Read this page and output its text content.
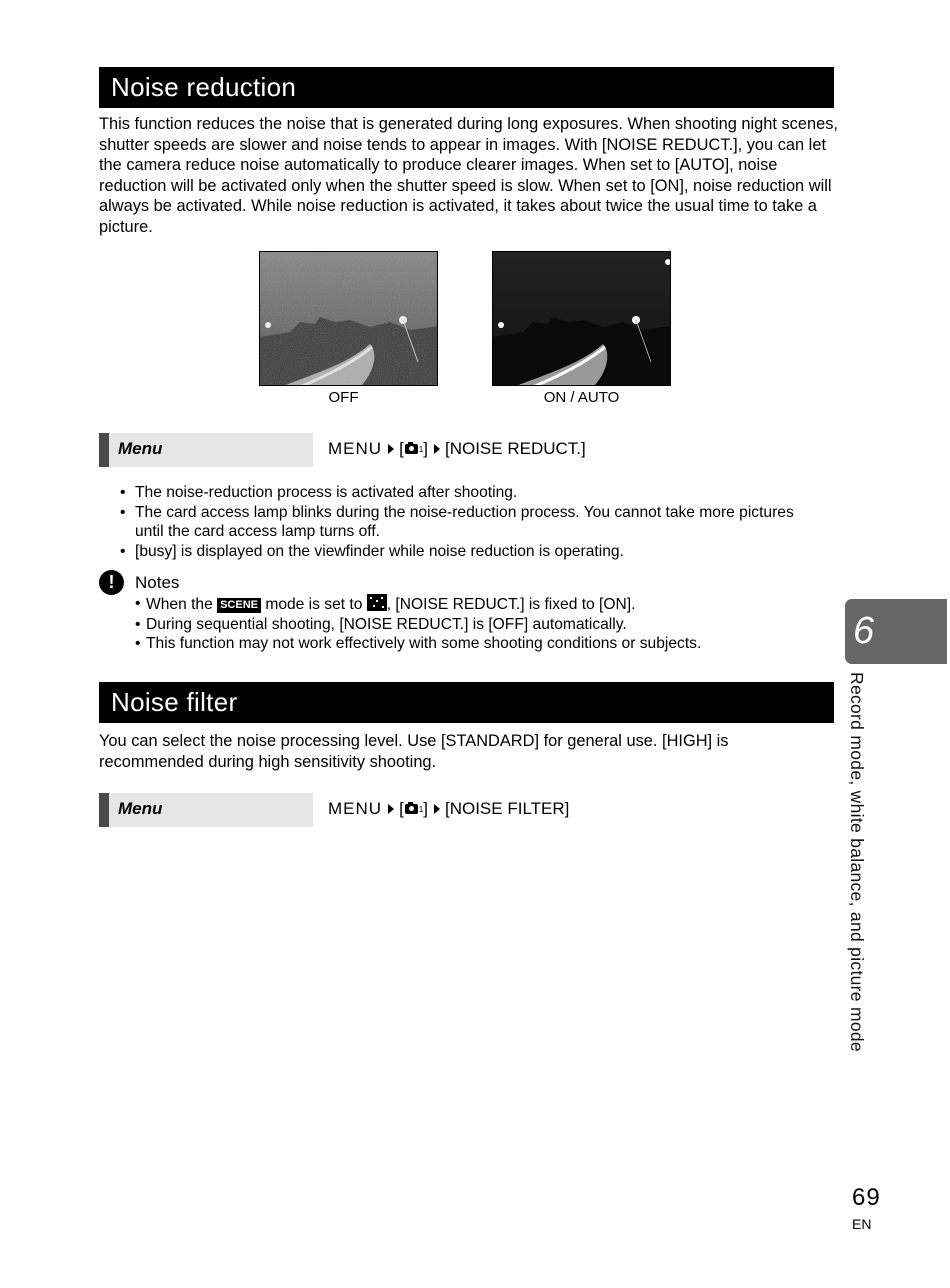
Noise reduction

This function reduces the noise that is generated during long exposures. When shooting night scenes, shutter speeds are slower and noise tends to appear in images. With [NOISE REDUCT.], you can let the camera reduce noise automatically to produce clearer images. When set to [AUTO], noise reduction will be activated only when the shutter speed is slow. When set to [ON], noise reduction will always be activated. While noise reduction is activated, it takes about twice the usual time to take a picture.

OFF	ON / AUTO
Menu	MENU [ 1 ] [NOISE REDUCT.]
• The noise-reduction process is activated after shooting.
• The card access lamp blinks during the noise-reduction process. You cannot take more pictures until the card access lamp turns off.
• [busy] is displayed on the viewfinder while noise reduction is operating.
!	Notes
• When the SCENE mode is set to , [NOISE REDUCT.] is fixed to [ON].
• During sequential shooting, [NOISE REDUCT.] is [OFF] automatically.
• This function may not work effectively with some shooting conditions or subjects.
Noise filter

You can select the noise processing level. Use [STANDARD] for general use. [HIGH] is recommended during high sensitivity shooting.

Menu	MENU [ 1 ] [NOISE FILTER]
6
Record mode, white balance, and picture mode
69
EN
